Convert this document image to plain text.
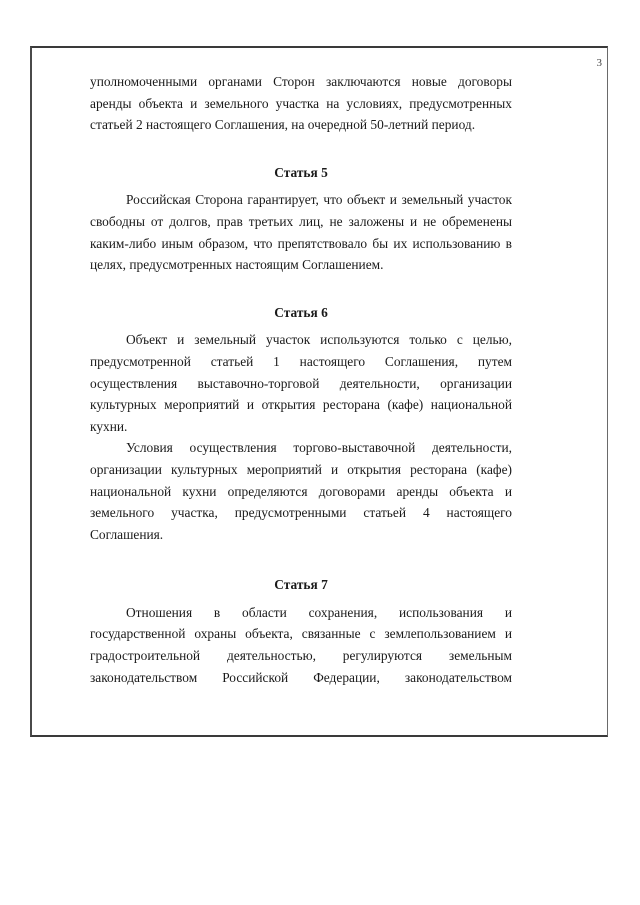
3

уполномоченными органами Сторон заключаются новые договоры аренды объекта и земельного участка на условиях, предусмотренных статьей 2 настоящего Соглашения, на очередной 50-летний период.

Статья 5

Российская Сторона гарантирует, что объект и земельный участок свободны от долгов, прав третьих лиц, не заложены и не обременены каким-либо иным образом, что препятствовало бы их использованию в целях, предусмотренных настоящим Соглашением.

Статья 6

Объект и земельный участок используются только с целью, предусмотренной статьей 1 настоящего Соглашения, путем осуществления выставочно-торговой деятельности, организации культурных мероприятий и открытия ресторана (кафе) национальной кухни.

Условия осуществления торгово-выставочной деятельности, организации культурных мероприятий и открытия ресторана (кафе) национальной кухни определяются договорами аренды объекта и земельного участка, предусмотренными статьей 4 настоящего Соглашения.

Статья 7

Отношения в области сохранения, использования и государственной охраны объекта, связанные с землепользованием и градостроительной деятельностью, регулируются земельным законодательством Российской Федерации, законодательством
